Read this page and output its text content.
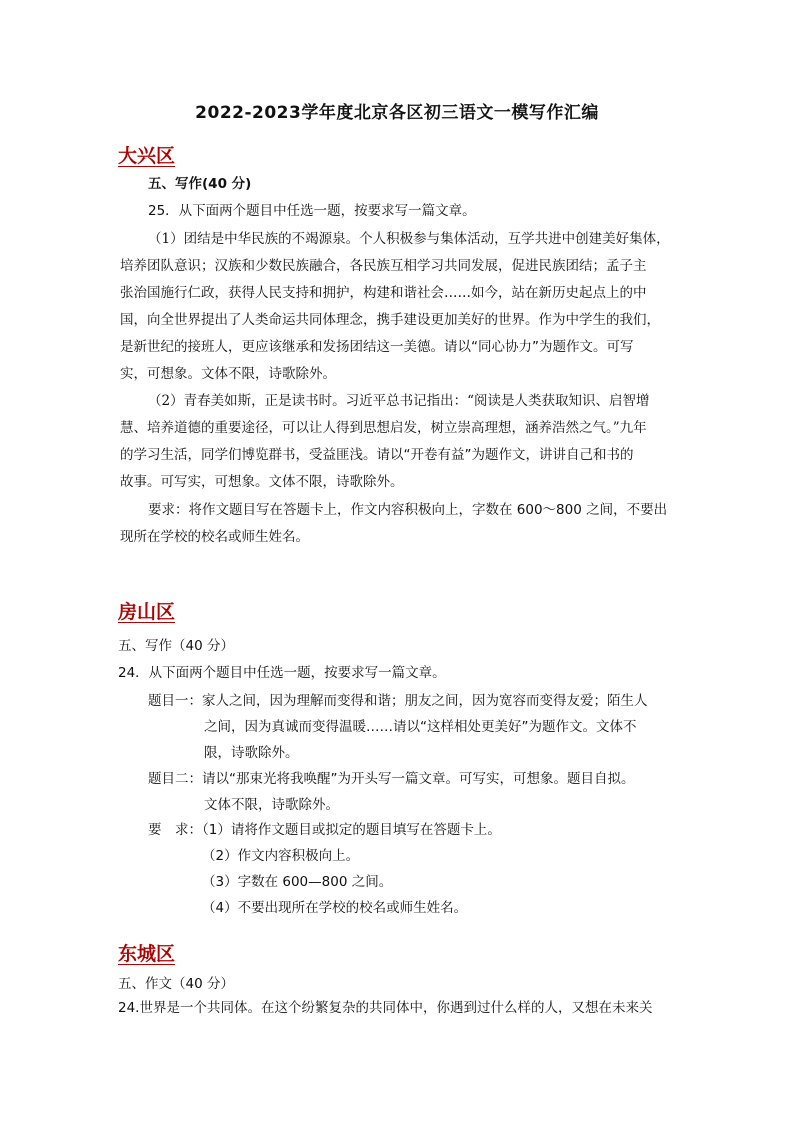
2022-2023学年度北京各区初三语文一模写作汇编
大兴区
五、写作(40 分)
25．从下面两个题目中任选一题，按要求写一篇文章。
（1）团结是中华民族的不竭源泉。个人积极参与集体活动，互学共进中创建美好集体，
培养团队意识；汉族和少数民族融合，各民族互相学习共同发展，促进民族团结；孟子主
张治国施行仁政，获得人民支持和拥护，构建和谐社会……如今，站在新历史起点上的中
国，向全世界提出了人类命运共同体理念，携手建设更加美好的世界。作为中学生的我们，
是新世纪的接班人，更应该继承和发扬团结这一美德。请以“同心协力”为题作文。可写
实，可想象。文体不限，诗歌除外。
（2）青春美如斯，正是读书时。习近平总书记指出：“阅读是人类获取知识、启智增
慧、培养道德的重要途径，可以让人得到思想启发，树立崇高理想，涵养浩然之气。”九年
的学习生活，同学们博览群书，受益匪浅。请以“开卷有益”为题作文，讲讲自己和书的
故事。可写实，可想象。文体不限，诗歌除外。
要求：将作文题目写在答题卡上，作文内容积极向上，字数在 600～800 之间，不要出
现所在学校的校名或师生姓名。
房山区
五、写作（40 分）
24．从下面两个题目中任选一题，按要求写一篇文章。
题目一：家人之间，因为理解而变得和谐；朋友之间，因为宽容而变得友爱；陌生人
之间，因为真诚而变得温暖……请以“这样相处更美好”为题作文。文体不
限，诗歌除外。
题目二：请以“那束光将我唤醒”为开头写一篇文章。可写实，可想象。题目自拟。
文体不限，诗歌除外。
要　求：（1）请将作文题目或拟定的题目填写在答题卡上。
（2）作文内容积极向上。
（3）字数在 600—800 之间。
（4）不要出现所在学校的校名或师生姓名。
东城区
五、作文（40 分）
24.世界是一个共同体。在这个纷繁复杂的共同体中，你遇到过什么样的人，又想在未来关
